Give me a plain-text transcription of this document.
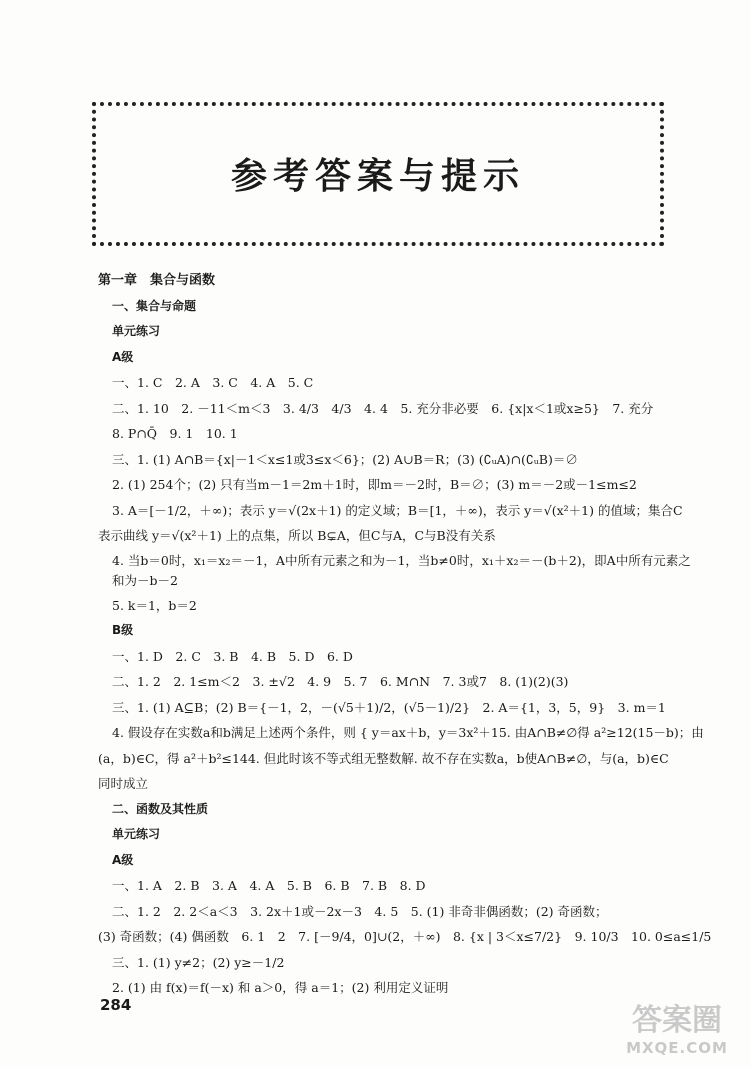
参考答案与提示
第一章　集合与函数
一、集合与命题
单元练习
A级
一、1. C　2. A　3. C　4. A　5. C
二、1. 10　2. －11＜m＜3　3. 4/3　4/3　4. 4　5. 充分非必要　6. {x|x＜1或x≥5}　7. 充分
8. P∩Q̄　9. 1　10. 1
三、1. (1) A∩B＝{x|－1＜x≤1或3≤x＜6}；(2) A∪B＝R；(3) (∁ᵤA)∩(∁ᵤB)＝∅
2. (1) 254个；(2) 只有当m－1＝2m＋1时，即m＝－2时，B＝∅；(3) m＝－2或－1≤m≤2
3. A＝[－1/2，＋∞)；表示 y＝√(2x＋1) 的定义域；B＝[1，＋∞)，表示 y＝√(x²＋1) 的值域；集合C
表示曲线 y＝√(x²＋1) 上的点集，所以 B⊊A，但C与A，C与B没有关系
4. 当b＝0时，x₁＝x₂＝－1，A中所有元素之和为－1，当b≠0时，x₁＋x₂＝－(b＋2)，即A中所有元素之和为－b－2
5. k＝1，b＝2
B级
一、1. D　2. C　3. B　4. B　5. D　6. D
二、1. 2　2. 1≤m＜2　3. ±√2　4. 9　5. 7　6. M∩N　7. 3或7　8. (1)(2)(3)
三、1. (1) A⊆B；(2) B＝{－1，2，－(√5＋1)/2，(√5－1)/2}　2. A＝{1，3，5，9}　3. m＝1
4. 假设存在实数a和b满足上述两个条件，则 { y＝ax＋b，y＝3x²＋15. 由A∩B≠∅得 a²≥12(15－b)；由
(a，b)∈C，得 a²＋b²≤144. 但此时该不等式组无整数解. 故不存在实数a，b使A∩B≠∅，与(a，b)∈C
同时成立
二、函数及其性质
单元练习
A级
一、1. A　2. B　3. A　4. A　5. B　6. B　7. B　8. D
二、1. 2　2. 2＜a＜3　3. 2x＋1或－2x－3　4. 5　5. (1) 非奇非偶函数；(2) 奇函数；
(3) 奇函数；(4) 偶函数　6. 1　2　7. [－9/4，0]∪(2，＋∞)　8. {x | 3＜x≤7/2}　9. 10/3　10. 0≤a≤1/5
三、1. (1) y≠2；(2) y≥－1/2
2. (1) 由 f(x)＝f(－x) 和 a＞0，得 a＝1；(2) 利用定义证明
284	答案圈
MXQE.COM
